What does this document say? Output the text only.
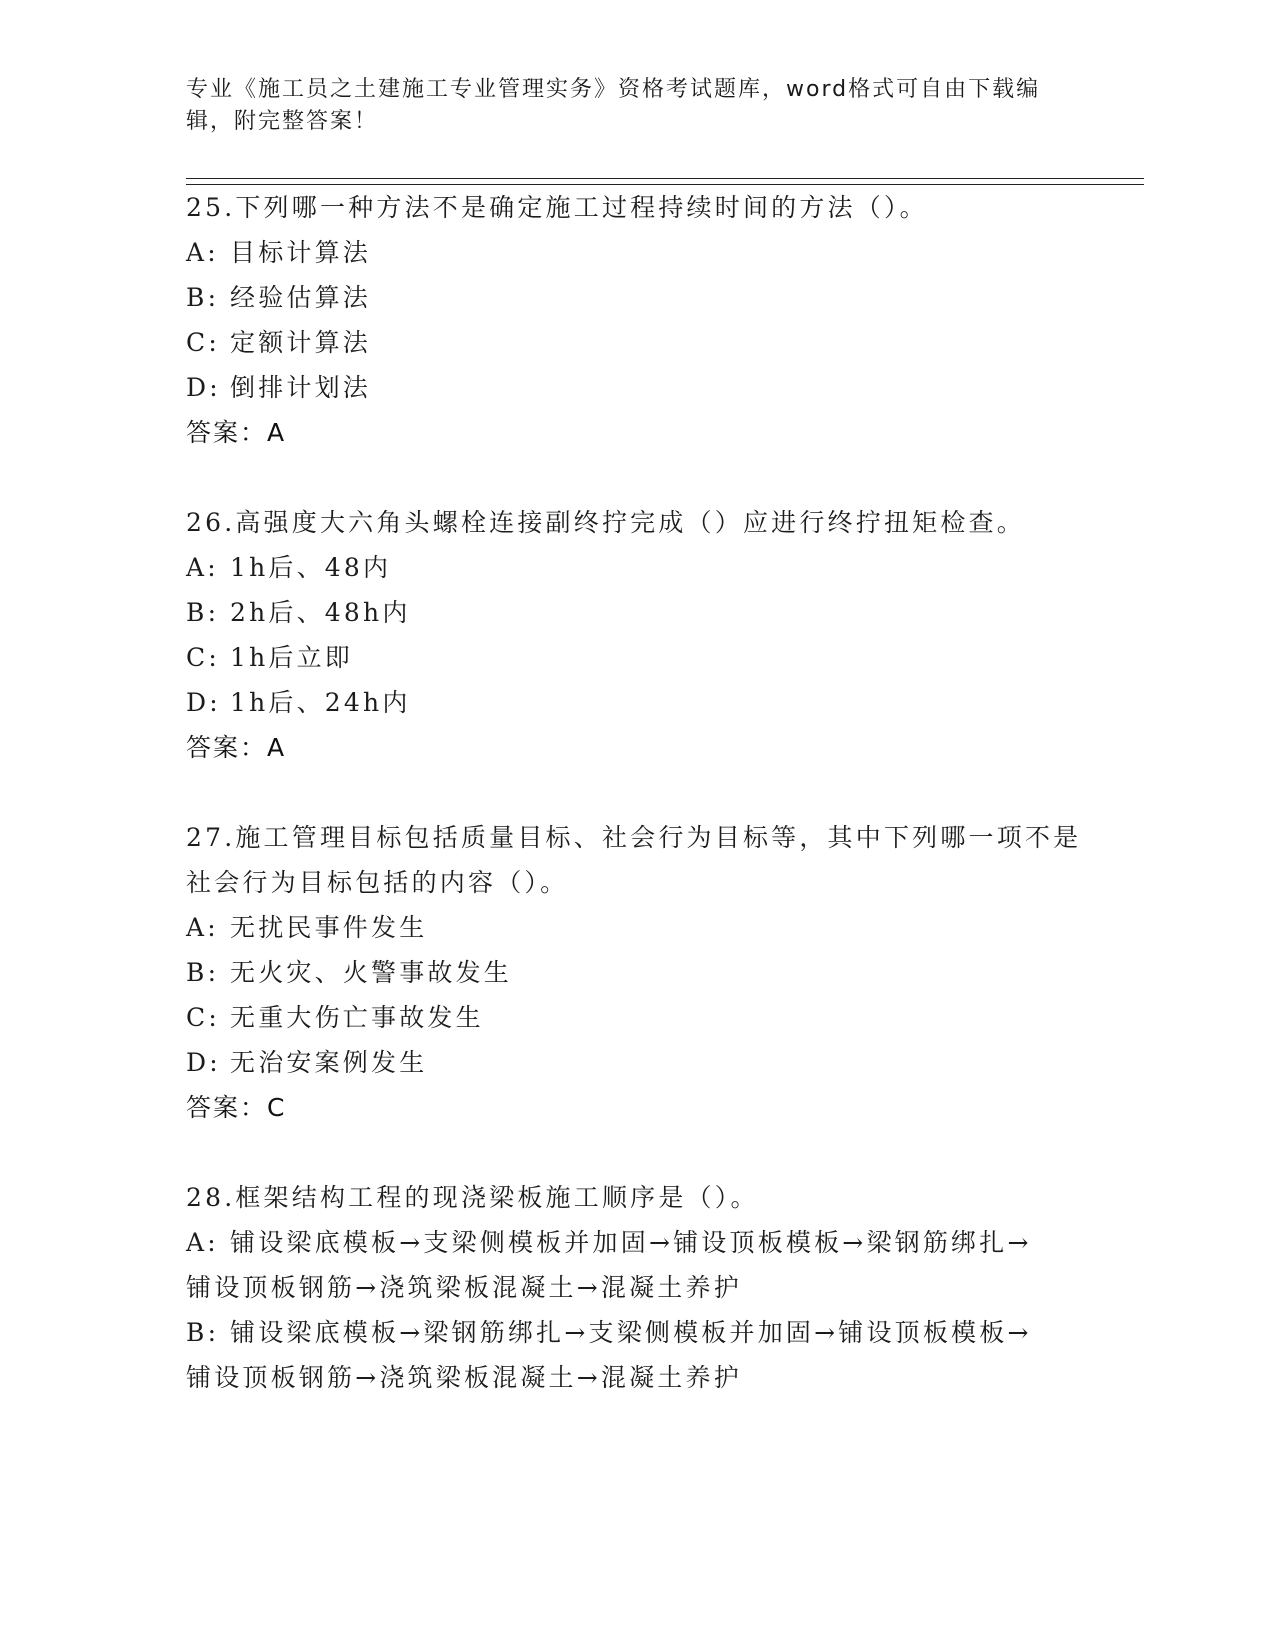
专业《施工员之土建施工专业管理实务》资格考试题库，word格式可自由下载编
辑，附完整答案！

25.下列哪一种方法不是确定施工过程持续时间的方法（）。

A: 目标计算法
B: 经验估算法
C: 定额计算法
D: 倒排计划法
答案：A

26.高强度大六角头螺栓连接副终拧完成（）应进行终拧扭矩检查。

A: 1h后、48内
B: 2h后、48h内
C: 1h后立即
D: 1h后、24h内
答案：A

27.施工管理目标包括质量目标、社会行为目标等，其中下列哪一项不是社会行为目标包括的内容（）。

A: 无扰民事件发生
B: 无火灾、火警事故发生
C: 无重大伤亡事故发生
D: 无治安案例发生
答案：C

28.框架结构工程的现浇梁板施工顺序是（）。

A: 铺设梁底模板→支梁侧模板并加固→铺设顶板模板→梁钢筋绑扎→
铺设顶板钢筋→浇筑梁板混凝土→混凝土养护
B: 铺设梁底模板→梁钢筋绑扎→支梁侧模板并加固→铺设顶板模板→
铺设顶板钢筋→浇筑梁板混凝土→混凝土养护
